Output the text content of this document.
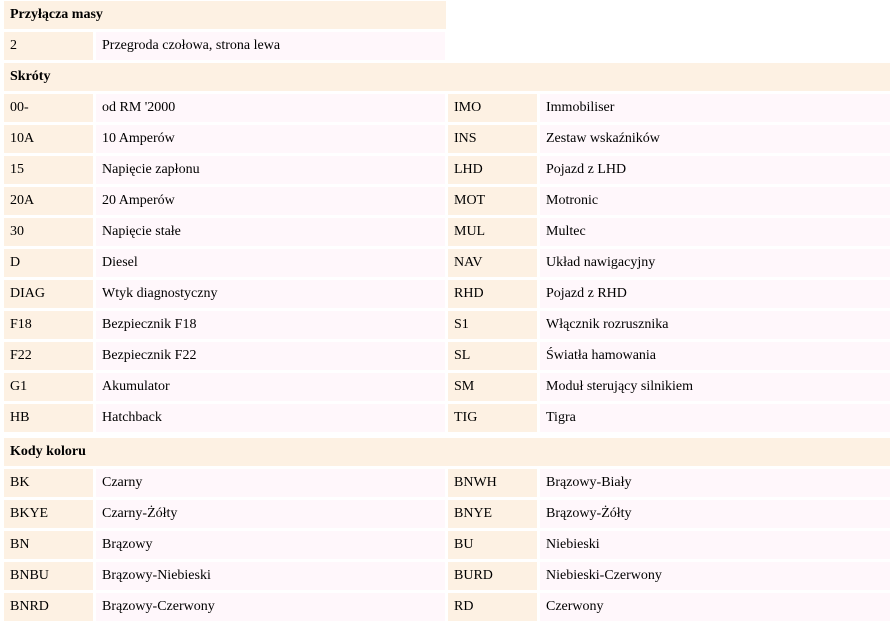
Przyłącza masy
2	Przegroda czołowa, strona lewa
Skróty
00-	od RM '2000	IMO	Immobiliser
10A	10 Amperów	INS	Zestaw wskaźników
15	Napięcie zapłonu	LHD	Pojazd z LHD
20A	20 Amperów	MOT	Motronic
30	Napięcie stałe	MUL	Multec
D	Diesel	NAV	Układ nawigacyjny
DIAG	Wtyk diagnostyczny	RHD	Pojazd z RHD
F18	Bezpiecznik F18	S1	Włącznik rozrusznika
F22	Bezpiecznik F22	SL	Światła hamowania
G1	Akumulator	SM	Moduł sterujący silnikiem
HB	Hatchback	TIG	Tigra
Kody koloru
BK	Czarny	BNWH	Brązowy-Biały
BKYE	Czarny-Żółty	BNYE	Brązowy-Żółty
BN	Brązowy	BU	Niebieski
BNBU	Brązowy-Niebieski	BURD	Niebieski-Czerwony
BNRD	Brązowy-Czerwony	RD	Czerwony
